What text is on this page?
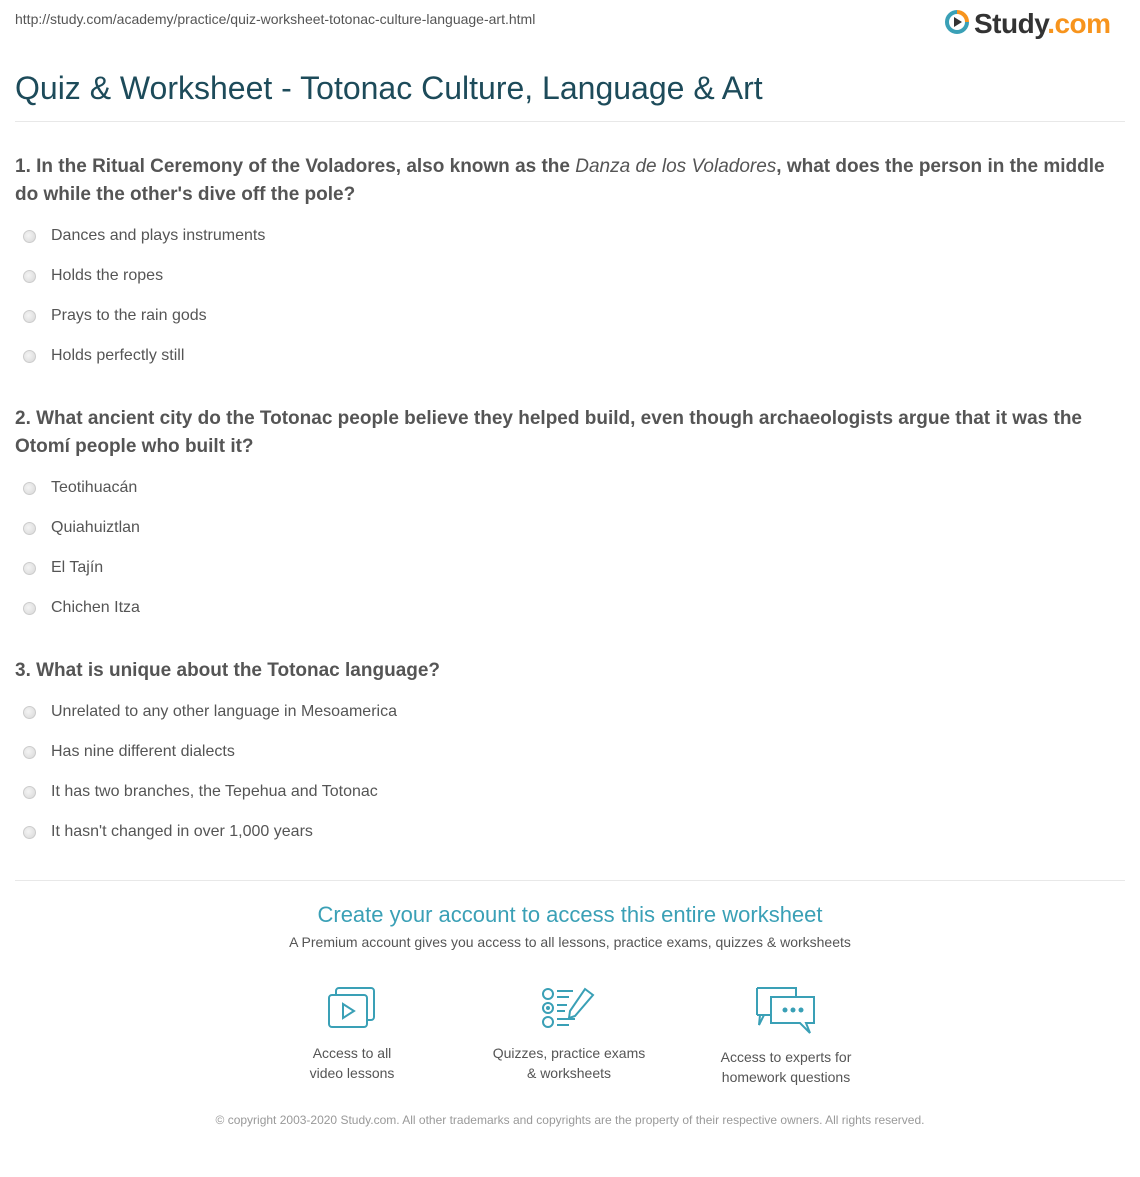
http://study.com/academy/practice/quiz-worksheet-totonac-culture-language-art.html	Study.com
Quiz & Worksheet - Totonac Culture, Language & Art
1. In the Ritual Ceremony of the Voladores, also known as the Danza de los Voladores, what does the person in the middle do while the other's dive off the pole?
Dances and plays instruments
Holds the ropes
Prays to the rain gods
Holds perfectly still
2. What ancient city do the Totonac people believe they helped build, even though archaeologists argue that it was the Otomí people who built it?
Teotihuacán
Quiahuiztlan
El Tajín
Chichen Itza
3. What is unique about the Totonac language?
Unrelated to any other language in Mesoamerica
Has nine different dialects
It has two branches, the Tepehua and Totonac
It hasn't changed in over 1,000 years
Create your account to access this entire worksheet
A Premium account gives you access to all lessons, practice exams, quizzes & worksheets
Access to all
video lessons
Quizzes, practice exams
& worksheets
Access to experts for
homework questions
© copyright 2003-2020 Study.com. All other trademarks and copyrights are the property of their respective owners. All rights reserved.
